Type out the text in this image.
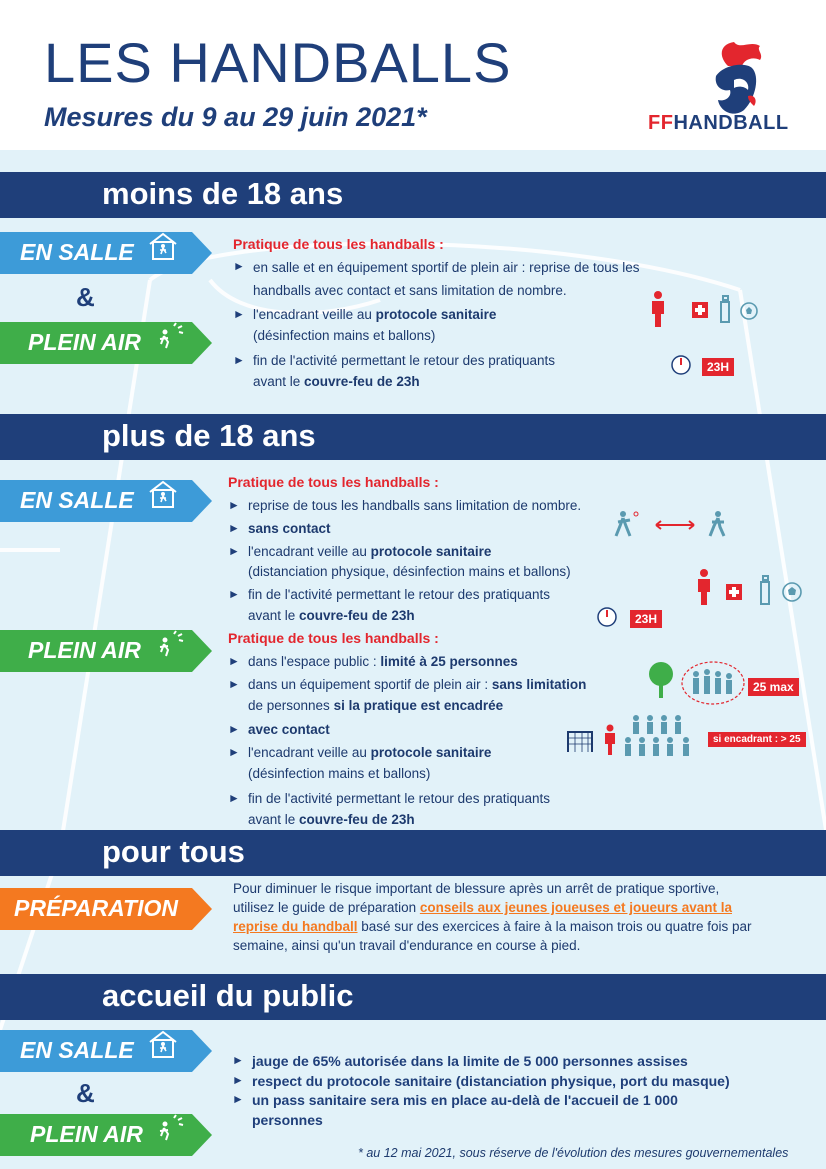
LES HANDBALLS
Mesures du 9 au 29 juin 2021*	FFHANDBALL
moins de 18 ans
EN SALLE
&
PLEIN AIR
Pratique de tous les handballs :
► en salle et en équipement sportif de plein air : reprise de tous les handballs avec contact et sans limitation de nombre.
► l'encadrant veille au protocole sanitaire
(désinfection mains et ballons)
► fin de l'activité permettant le retour des pratiquants avant le couvre-feu de 23h
23H
plus de 18 ans
EN SALLE
Pratique de tous les handballs :
► reprise de tous les handballs sans limitation de nombre.
► sans contact
► l'encadrant veille au protocole sanitaire
(distanciation physique, désinfection mains et ballons)
► fin de l'activité permettant le retour des pratiquants avant le couvre-feu de 23h	23H
PLEIN AIR	Pratique de tous les handballs :
► dans l'espace public : limité à 25 personnes
► dans un équipement sportif de plein air : sans limitation
de personnes si la pratique est encadrée
► avec contact
► l'encadrant veille au protocole sanitaire
(désinfection mains et ballons)
► fin de l'activité permettant le retour des pratiquants avant le couvre-feu de 23h
25 max
si encadrant : > 25
pour tous
PRÉPARATION
Pour diminuer le risque important de blessure après un arrêt de pratique sportive, utilisez le guide de préparation conseils aux jeunes joueuses et joueurs avant la reprise du handball basé sur des exercices à faire à la maison trois ou quatre fois par semaine, ainsi qu'un travail d'endurance en course à pied.
accueil du public
EN SALLE
&
PLEIN AIR
► jauge de 65% autorisée dans la limite de 5 000 personnes assises
► respect du protocole sanitaire (distanciation physique, port du masque)
► un pass sanitaire sera mis en place au-delà de l'accueil de 1 000 personnes
* au 12 mai 2021, sous réserve de l'évolution des mesures gouvernementales
